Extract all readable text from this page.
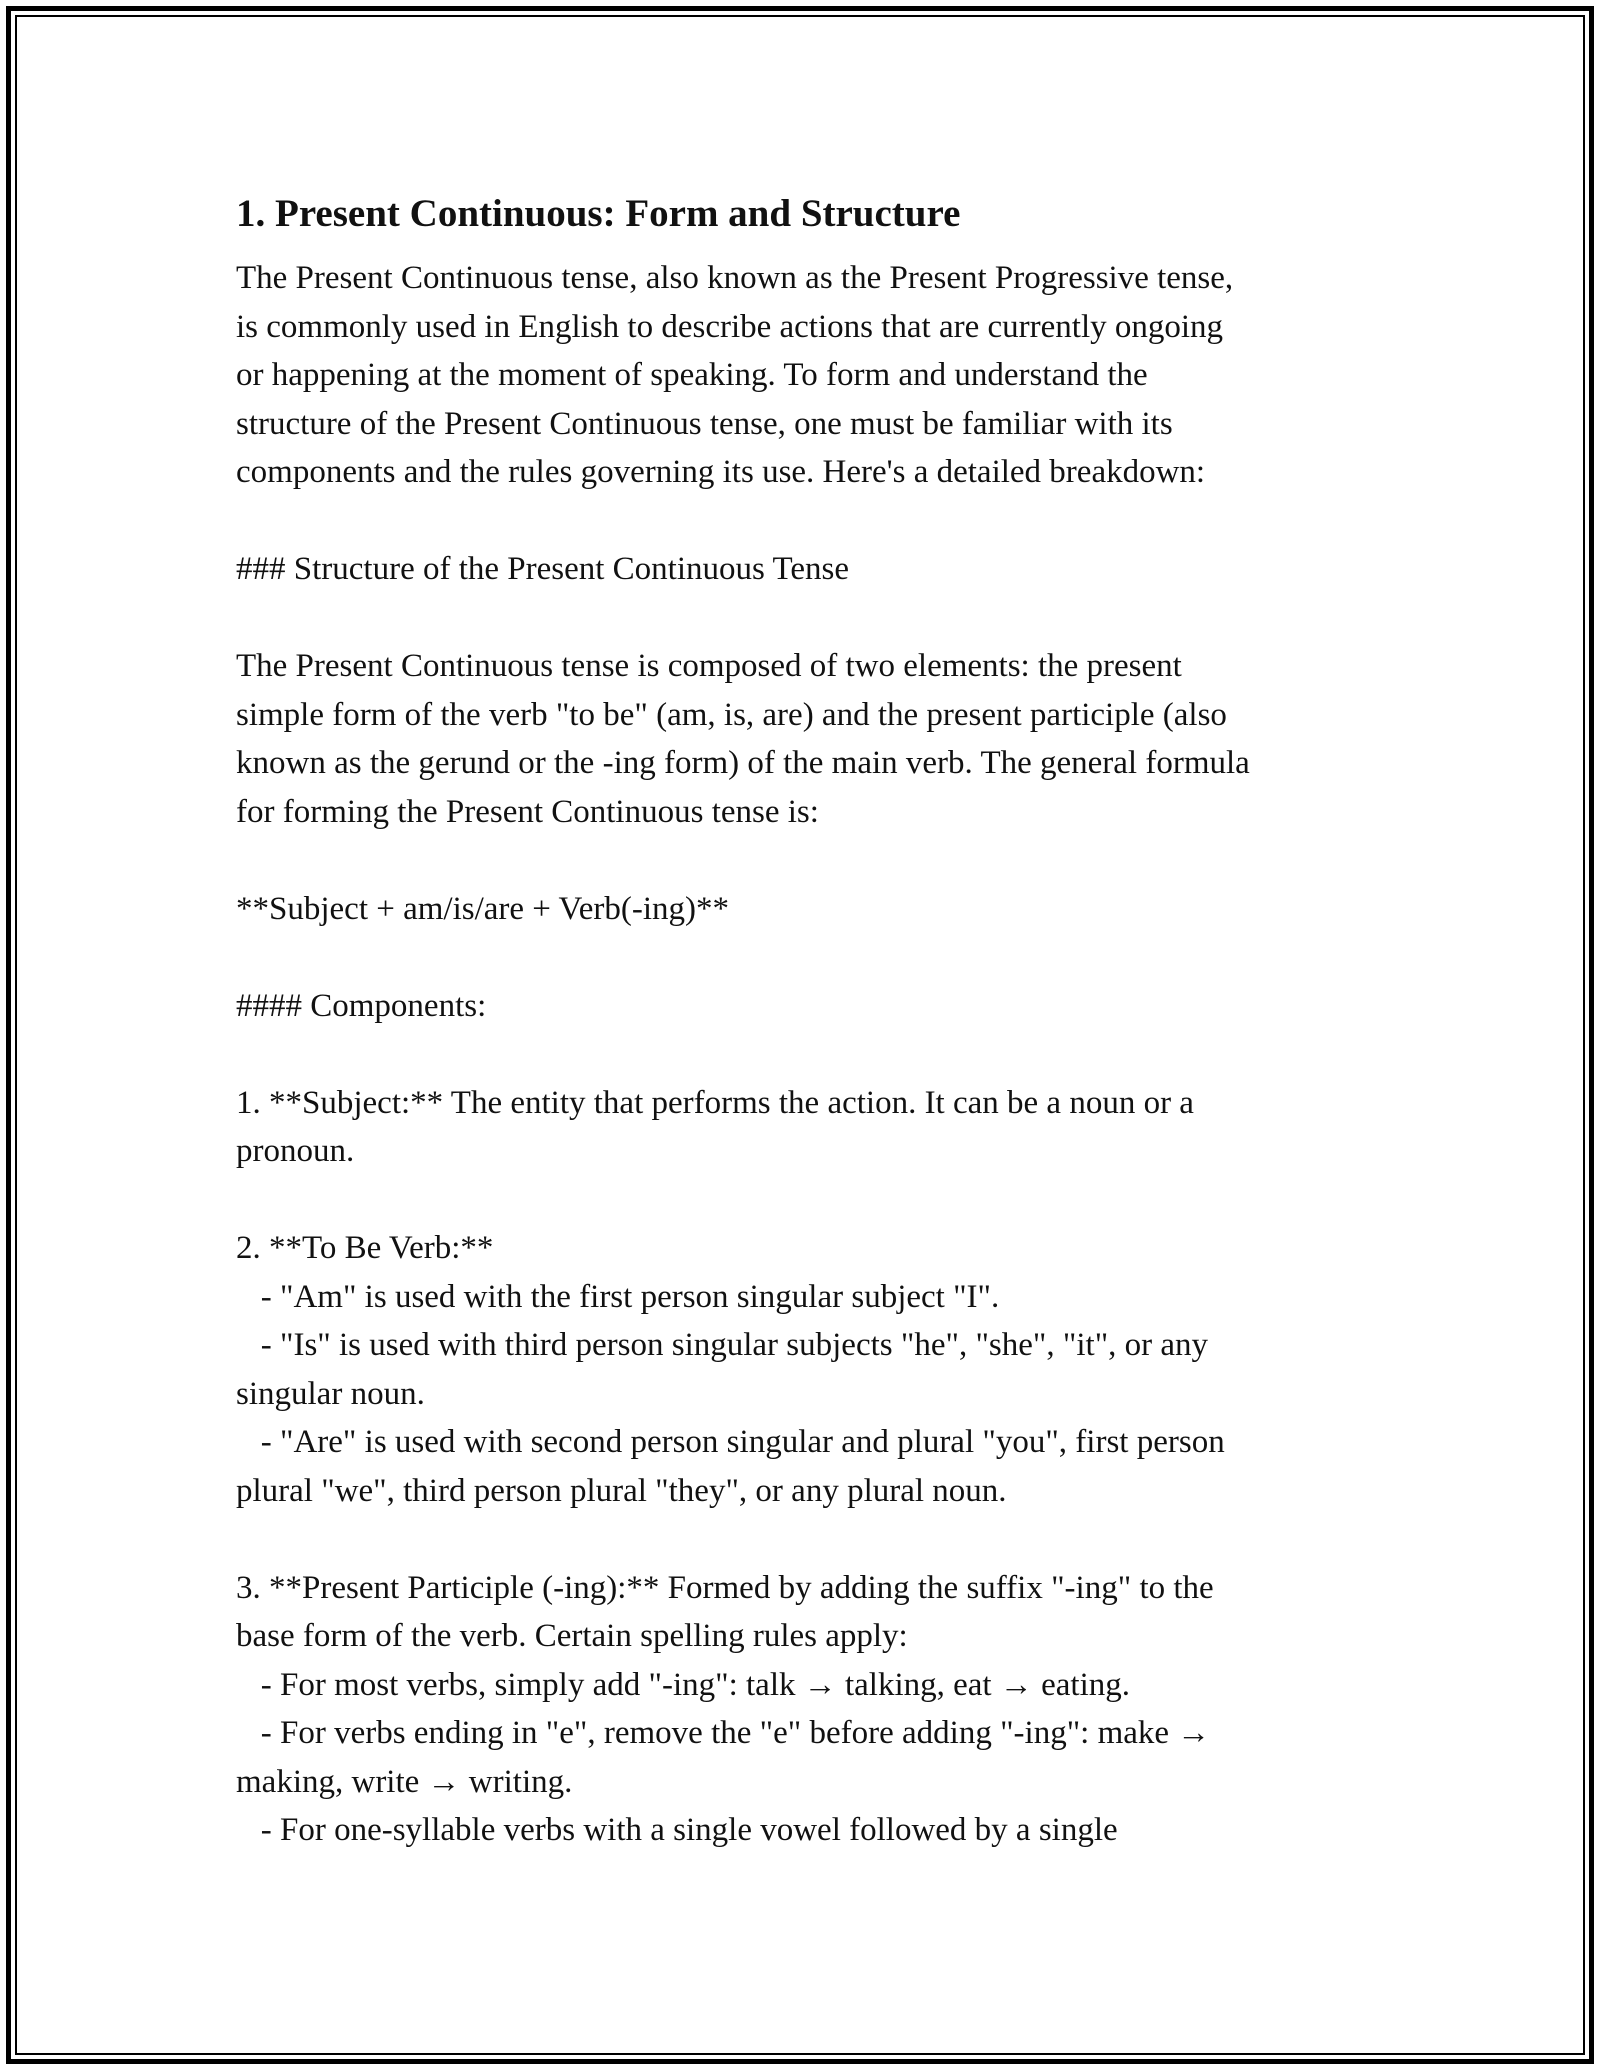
1. Present Continuous: Form and Structure

The Present Continuous tense, also known as the Present Progressive tense,
is commonly used in English to describe actions that are currently ongoing
or happening at the moment of speaking. To form and understand the
structure of the Present Continuous tense, one must be familiar with its
components and the rules governing its use. Here's a detailed breakdown:

### Structure of the Present Continuous Tense

The Present Continuous tense is composed of two elements: the present
simple form of the verb "to be" (am, is, are) and the present participle (also
known as the gerund or the -ing form) of the main verb. The general formula
for forming the Present Continuous tense is:

**Subject + am/is/are + Verb(-ing)**

#### Components:

1. **Subject:** The entity that performs the action. It can be a noun or a
pronoun.

2. **To Be Verb:**
- "Am" is used with the first person singular subject "I".
- "Is" is used with third person singular subjects "he", "she", "it", or any
singular noun.
- "Are" is used with second person singular and plural "you", first person
plural "we", third person plural "they", or any plural noun.

3. **Present Participle (-ing):** Formed by adding the suffix "-ing" to the
base form of the verb. Certain spelling rules apply:
- For most verbs, simply add "-ing": talk → talking, eat → eating.
- For verbs ending in "e", remove the "e" before adding "-ing": make →
making, write → writing.
- For one-syllable verbs with a single vowel followed by a single
